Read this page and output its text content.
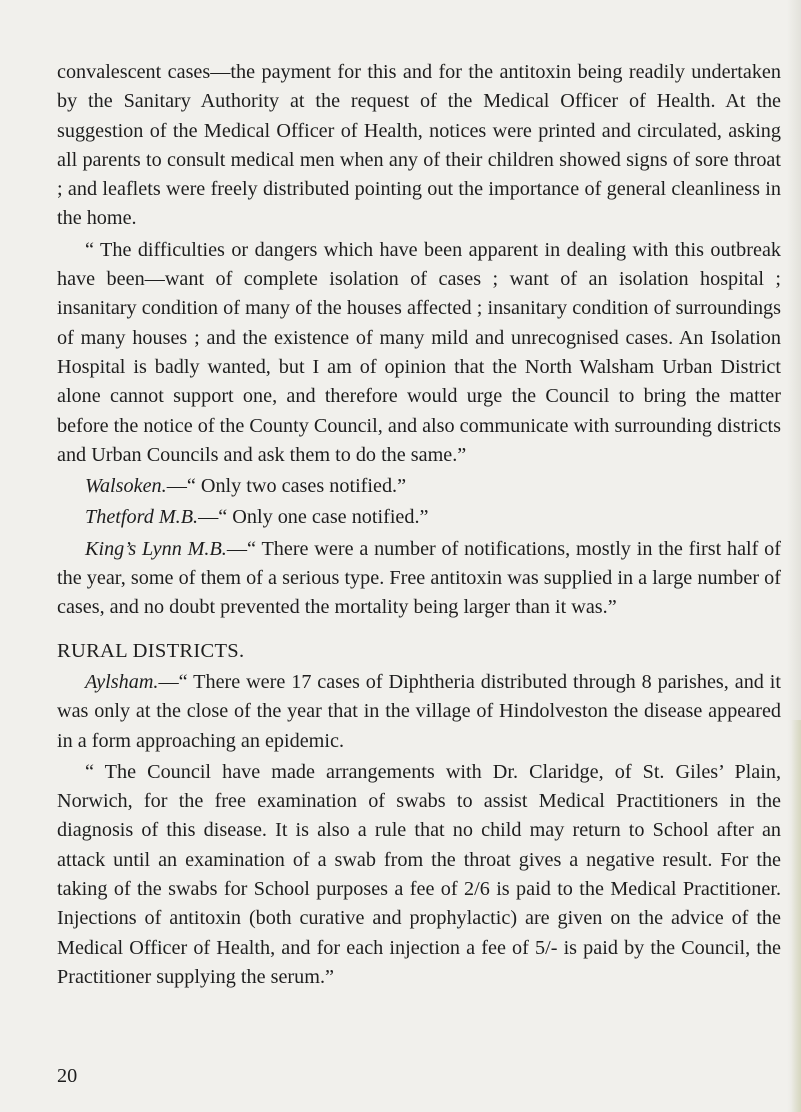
convalescent cases—the payment for this and for the antitoxin being readily undertaken by the Sanitary Authority at the request of the Medical Officer of Health. At the suggestion of the Medical Officer of Health, notices were printed and circulated, asking all parents to consult medical men when any of their children showed signs of sore throat ; and leaflets were freely distributed pointing out the importance of general cleanliness in the home.

“ The difficulties or dangers which have been apparent in dealing with this outbreak have been—want of complete isolation of cases ; want of an isolation hospital ; insanitary condition of many of the houses affected ; insanitary condition of surroundings of many houses ; and the existence of many mild and unrecognised cases. An Isolation Hospital is badly wanted, but I am of opinion that the North Walsham Urban District alone cannot support one, and therefore would urge the Council to bring the matter before the notice of the County Council, and also communicate with surrounding districts and Urban Councils and ask them to do the same.”

Walsoken.—“ Only two cases notified.”

Thetford M.B.—“ Only one case notified.”

King’s Lynn M.B.—“ There were a number of notifications, mostly in the first half of the year, some of them of a serious type. Free antitoxin was supplied in a large number of cases, and no doubt prevented the mortality being larger than it was.”

RURAL DISTRICTS.

Aylsham.—“ There were 17 cases of Diphtheria distributed through 8 parishes, and it was only at the close of the year that in the village of Hindolveston the disease appeared in a form approaching an epidemic.

“ The Council have made arrangements with Dr. Claridge, of St. Giles’ Plain, Norwich, for the free examination of swabs to assist Medical Practitioners in the diagnosis of this disease. It is also a rule that no child may return to School after an attack until an examination of a swab from the throat gives a negative result. For the taking of the swabs for School purposes a fee of 2/6 is paid to the Medical Practitioner. Injections of antitoxin (both curative and prophylactic) are given on the advice of the Medical Officer of Health, and for each injection a fee of 5/- is paid by the Council, the Practitioner supplying the serum.”

20
